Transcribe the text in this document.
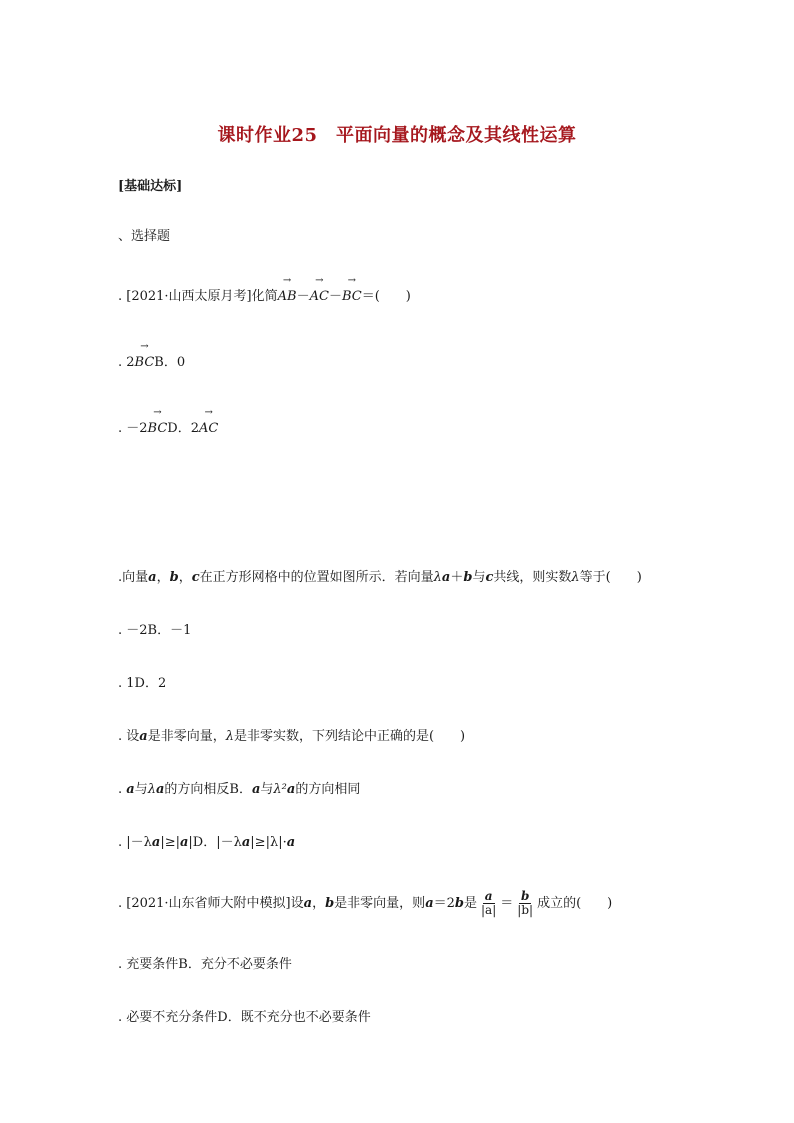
课时作业25　平面向量的概念及其线性运算
[基础达标]
、选择题
. [2021·山西太原月考]化简→ AB－→ AC－→ BC＝(　　)
. 2→ BCB．0
. －2→ BCD．2→ AC
.向量a，b，c在正方形网格中的位置如图所示．若向量λa＋b与c共线，则实数λ等于(　　)
. －2B．－1
. 1D．2
. 设a是非零向量，λ是非零实数，下列结论中正确的是(　　)
. a与λa的方向相反B．a与λ²a的方向相同
. |－λa|≥|a|D．|－λa|≥|λ|·a
. [2021·山东省师大附中模拟]设a，b是非零向量，则a＝2b是 $\frac{a}{|a|} = \frac{b}{|b|}$ 成立的(　　)
. 充要条件B．充分不必要条件
. 必要不充分条件D．既不充分也不必要条件
